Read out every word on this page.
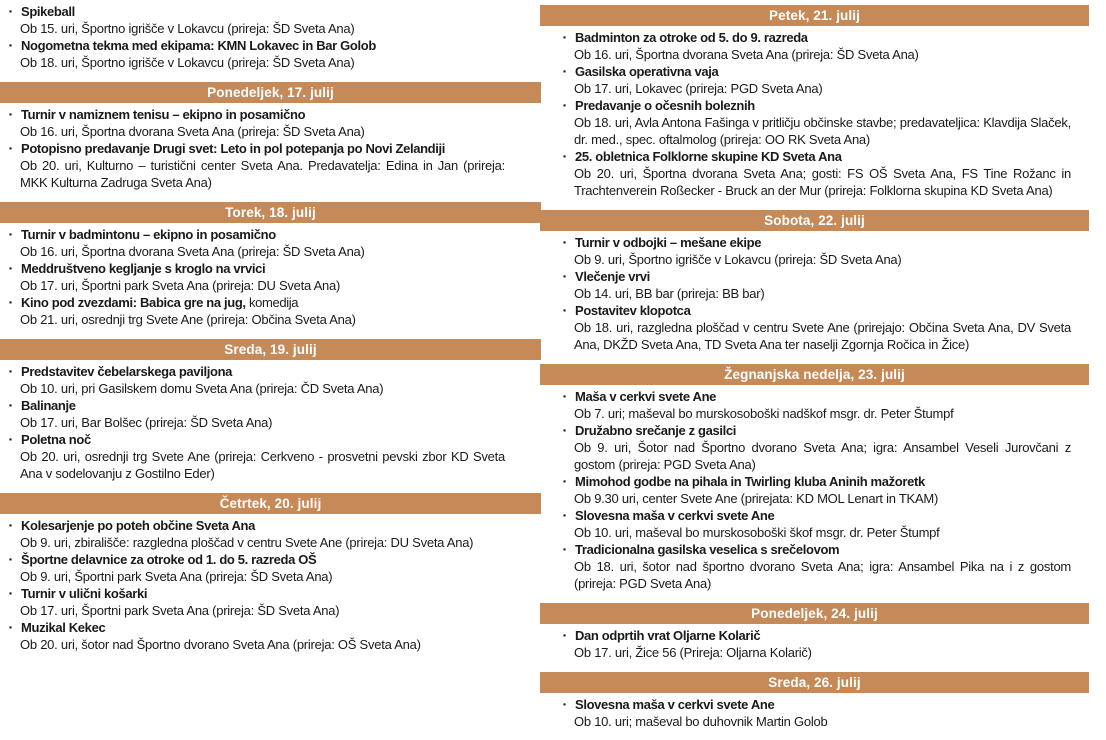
▪ Spikeball
Ob 15. uri, Športno igrišče v Lokavcu (prireja: ŠD Sveta Ana)
▪ Nogometna tekma med ekipama: KMN Lokavec in Bar Golob
Ob 18. uri, Športno igrišče v Lokavcu (prireja: ŠD Sveta Ana)
Ponedeljek, 17. julij
▪ Turnir v namiznem tenisu – ekipno in posamično
Ob 16. uri, Športna dvorana Sveta Ana (prireja: ŠD Sveta Ana)
▪ Potopisno predavanje Drugi svet: Leto in pol potepanja po Novi Zelandiji
Ob 20. uri, Kulturno – turistični center Sveta Ana. Predavatelja: Edina in Jan (prireja: MKK Kulturna Zadruga Sveta Ana)
Torek, 18. julij
▪ Turnir v badmintonu – ekipno in posamično
Ob 16. uri, Športna dvorana Sveta Ana (prireja: ŠD Sveta Ana)
▪ Meddruštveno kegljanje s kroglo na vrvici
Ob 17. uri, Športni park Sveta Ana (prireja: DU Sveta Ana)
▪ Kino pod zvezdami: Babica gre na jug, komedija
Ob 21. uri, osrednji trg Svete Ane (prireja: Občina Sveta Ana)
Sreda, 19. julij
▪ Predstavitev čebelarskega paviljona
Ob 10. uri, pri Gasilskem domu Sveta Ana (prireja: ČD Sveta Ana)
▪ Balinanje
Ob 17. uri, Bar Bolšec (prireja: ŠD Sveta Ana)
▪ Poletna noč
Ob 20. uri, osrednji trg Svete Ane (prireja: Cerkveno - prosvetni pevski zbor KD Sveta Ana v sodelovanju z Gostilno Eder)
Četrtek, 20. julij
▪ Kolesarjenje po poteh občine Sveta Ana
Ob 9. uri, zbirališče: razgledna ploščad v centru Svete Ane (prireja: DU Sveta Ana)
▪ Športne delavnice za otroke od 1. do 5. razreda OŠ
Ob 9. uri, Športni park Sveta Ana (prireja: ŠD Sveta Ana)
▪ Turnir v ulični košarki
Ob 17. uri, Športni park Sveta Ana (prireja: ŠD Sveta Ana)
▪ Muzikal Kekec
Ob 20. uri, šotor nad Športno dvorano Sveta Ana (prireja: OŠ Sveta Ana)
Petek, 21. julij
▪ Badminton za otroke od 5. do 9. razreda
Ob 16. uri, Športna dvorana Sveta Ana (prireja: ŠD Sveta Ana)
▪ Gasilska operativna vaja
Ob 17. uri, Lokavec (prireja: PGD Sveta Ana)
▪ Predavanje o očesnih boleznih
Ob 18. uri, Avla Antona Fašinga v pritličju občinske stavbe; predavateljica: Klavdija Slaček, dr. med., spec. oftalmolog (prireja: OO RK Sveta Ana)
▪ 25. obletnica Folklorne skupine KD Sveta Ana
Ob 20. uri, Športna dvorana Sveta Ana; gosti: FS OŠ Sveta Ana, FS Tine Rožanc in Trachtenverein Roßecker - Bruck an der Mur (prireja: Folklorna skupina KD Sveta Ana)
Sobota, 22. julij
▪ Turnir v odbojki – mešane ekipe
Ob 9. uri, Športno igrišče v Lokavcu (prireja: ŠD Sveta Ana)
▪ Vlečenje vrvi
Ob 14. uri, BB bar (prireja: BB bar)
▪ Postavitev klopotca
Ob 18. uri, razgledna ploščad v centru Svete Ane (prirejajo: Občina Sveta Ana, DV Sveta Ana, DKŽD Sveta Ana, TD Sveta Ana ter naselji Zgornja Ročica in Žice)
Žegnanjska nedelja, 23. julij
▪ Maša v cerkvi svete Ane
Ob 7. uri; maševal bo murskosoboški nadškof msgr. dr. Peter Štumpf
▪ Družabno srečanje z gasilci
Ob 9. uri, Šotor nad Športno dvorano Sveta Ana; igra: Ansambel Veseli Jurovčani z gostom (prireja: PGD Sveta Ana)
▪ Mimohod godbe na pihala in Twirling kluba Aninih mažoretk
Ob 9.30 uri, center Svete Ane (prirejata: KD MOL Lenart in TKAM)
▪ Slovesna maša v cerkvi svete Ane
Ob 10. uri, maševal bo murskosoboški škof msgr. dr. Peter Štumpf
▪ Tradicionalna gasilska veselica s srečelovom
Ob 18. uri, šotor nad športno dvorano Sveta Ana; igra: Ansambel Pika na i z gostom (prireja: PGD Sveta Ana)
Ponedeljek, 24. julij
▪ Dan odprtih vrat Oljarne Kolarič
Ob 17. uri, Žice 56 (Prireja: Oljarna Kolarič)
Sreda, 26. julij
▪ Slovesna maša v cerkvi svete Ane
Ob 10. uri; maševal bo duhovnik Martin Golob
